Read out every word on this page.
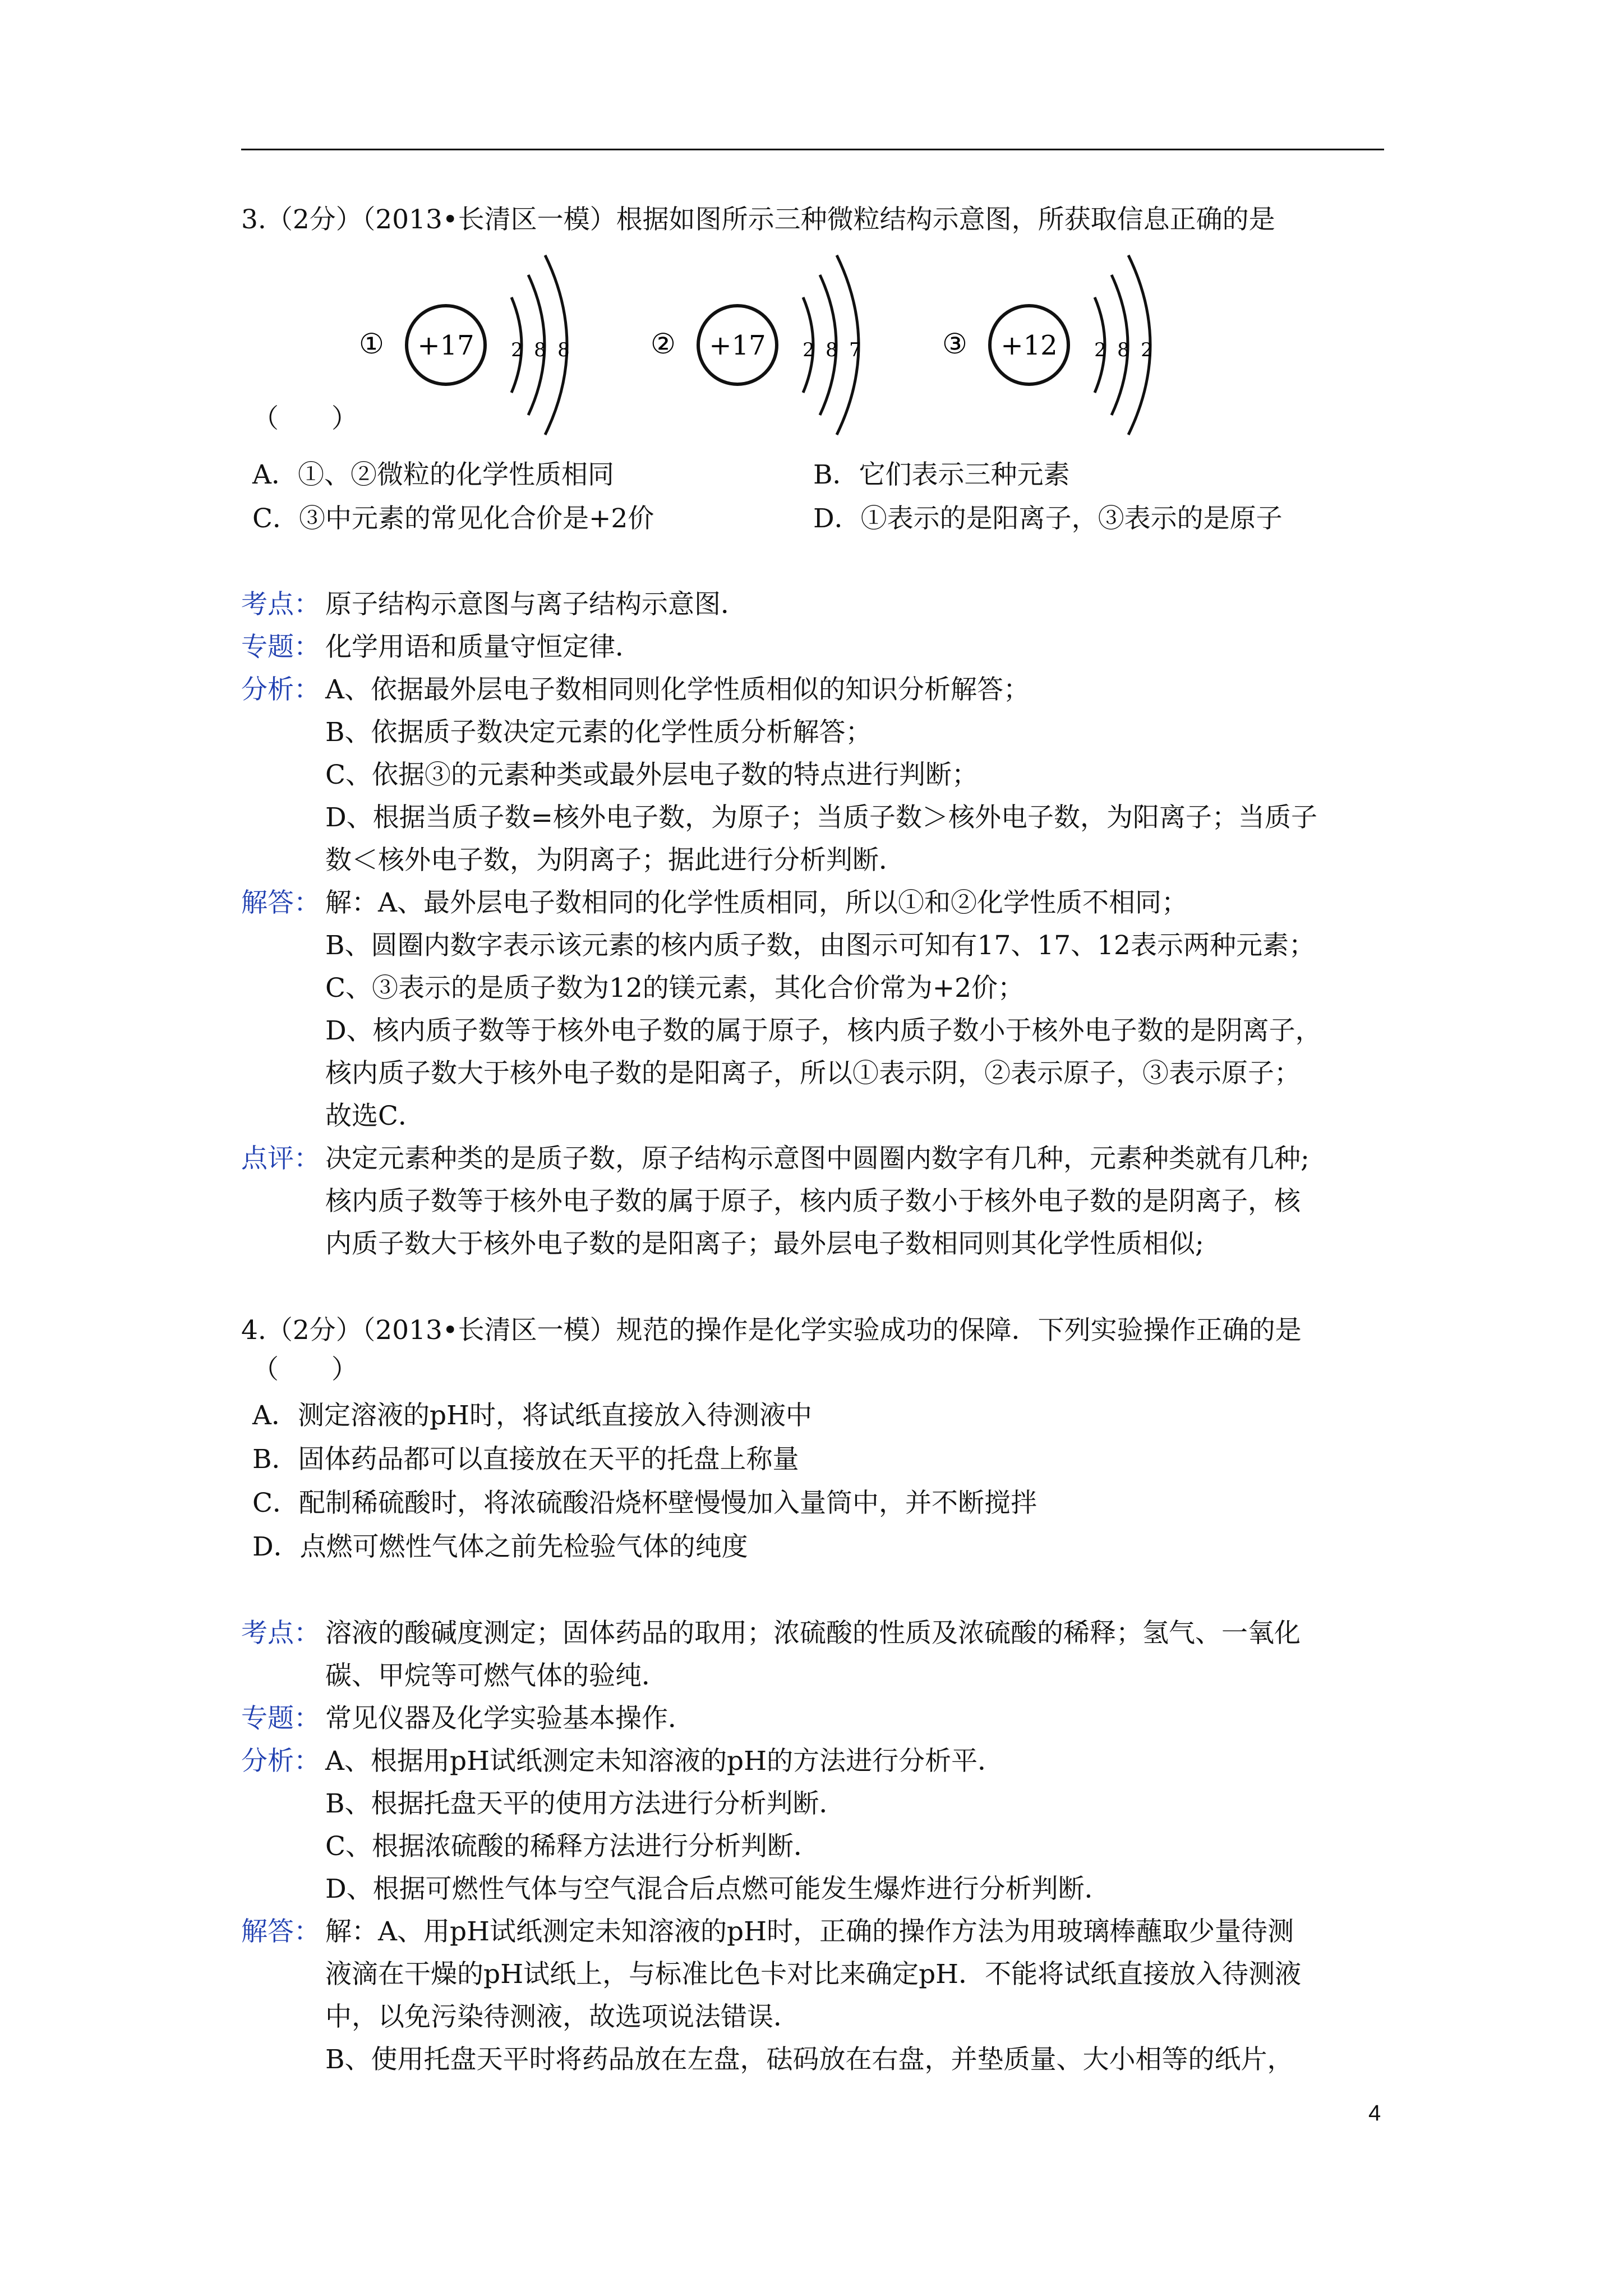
3.（2分）（2013•长清区一模）根据如图所示三种微粒结构示意图，所获取信息正确的是
① +17 2 8 8	② +17 2 8 7	③ +12 2 8 2
（　　）
A．①、②微粒的化学性质相同	B．它们表示三种元素
C．③中元素的常见化合价是+2价	D．①表示的是阳离子，③表示的是原子
考点： 原子结构示意图与离子结构示意图．
专题： 化学用语和质量守恒定律．
分析： A、依据最外层电子数相同则化学性质相似的知识分析解答；
B、依据质子数决定元素的化学性质分析解答；
C、依据③的元素种类或最外层电子数的特点进行判断；
D、根据当质子数=核外电子数，为原子；当质子数＞核外电子数，为阳离子；当质子
数＜核外电子数，为阴离子；据此进行分析判断．
解答： 解：A、最外层电子数相同的化学性质相同，所以①和②化学性质不相同；
B、圆圈内数字表示该元素的核内质子数，由图示可知有17、17、12表示两种元素；
C、③表示的是质子数为12的镁元素，其化合价常为+2价；
D、核内质子数等于核外电子数的属于原子，核内质子数小于核外电子数的是阴离子，
核内质子数大于核外电子数的是阳离子，所以①表示阴，②表示原子，③表示原子；
故选C．
点评： 决定元素种类的是质子数，原子结构示意图中圆圈内数字有几种，元素种类就有几种;
核内质子数等于核外电子数的属于原子，核内质子数小于核外电子数的是阴离子，核
内质子数大于核外电子数的是阳离子；最外层电子数相同则其化学性质相似;
4.（2分）（2013•长清区一模）规范的操作是化学实验成功的保障．下列实验操作正确的是
（　　）
A．测定溶液的pH时，将试纸直接放入待测液中
B．固体药品都可以直接放在天平的托盘上称量
C．配制稀硫酸时，将浓硫酸沿烧杯壁慢慢加入量筒中，并不断搅拌
D．点燃可燃性气体之前先检验气体的纯度
考点： 溶液的酸碱度测定；固体药品的取用；浓硫酸的性质及浓硫酸的稀释；氢气、一氧化
碳、甲烷等可燃气体的验纯．
专题： 常见仪器及化学实验基本操作．
分析： A、根据用pH试纸测定未知溶液的pH的方法进行分析平．
B、根据托盘天平的使用方法进行分析判断．
C、根据浓硫酸的稀释方法进行分析判断．
D、根据可燃性气体与空气混合后点燃可能发生爆炸进行分析判断．
解答： 解：A、用pH试纸测定未知溶液的pH时，正确的操作方法为用玻璃棒蘸取少量待测
液滴在干燥的pH试纸上，与标准比色卡对比来确定pH．不能将试纸直接放入待测液
中，以免污染待测液，故选项说法错误．
B、使用托盘天平时将药品放在左盘，砝码放在右盘，并垫质量、大小相等的纸片，
4
